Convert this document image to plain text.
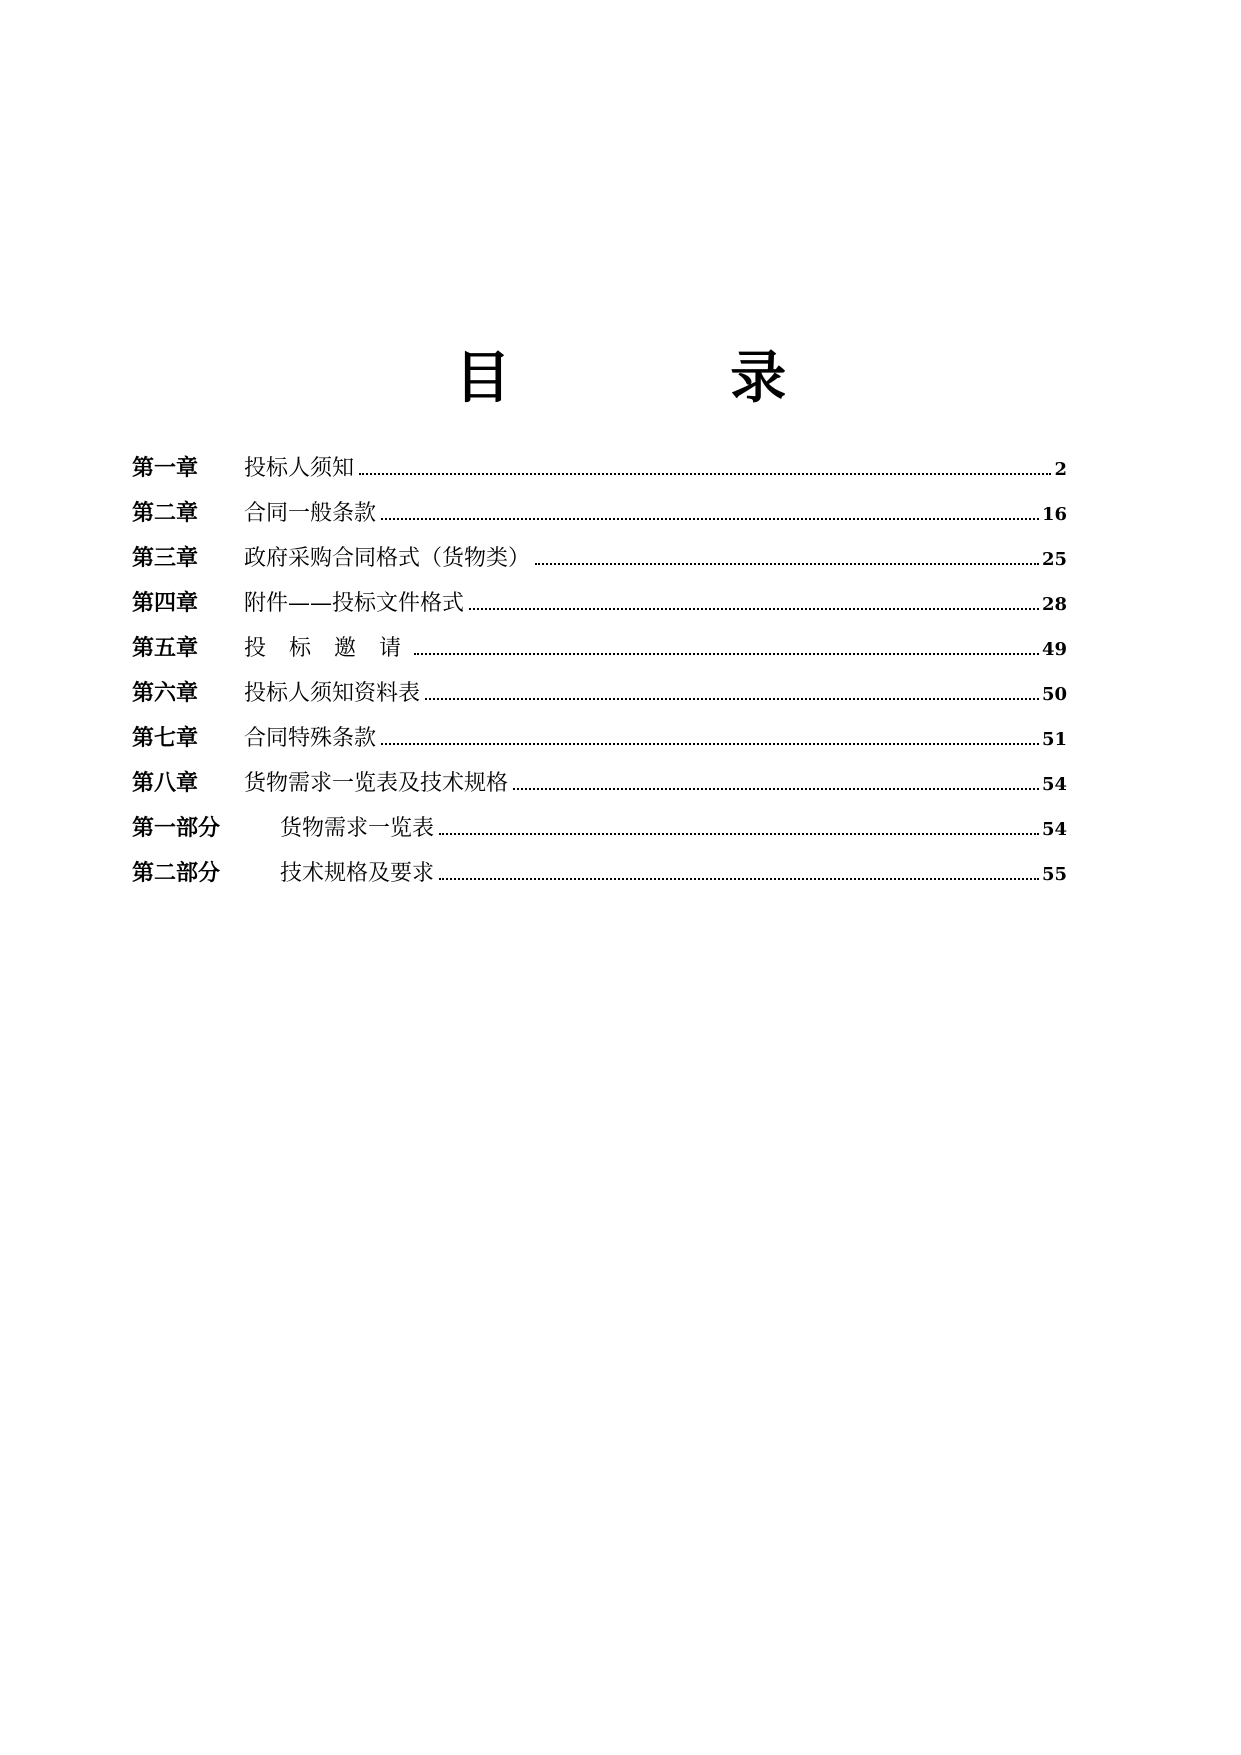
目 录
第一章	投标人须知	2
第二章	合同一般条款	16
第三章	政府采购合同格式（货物类）	25
第四章	附件——投标文件格式	28
第五章	投 标 邀 请	49
第六章	投标人须知资料表	50
第七章	合同特殊条款	51
第八章	货物需求一览表及技术规格	54
第一部分	货物需求一览表	54
第二部分	技术规格及要求	55
